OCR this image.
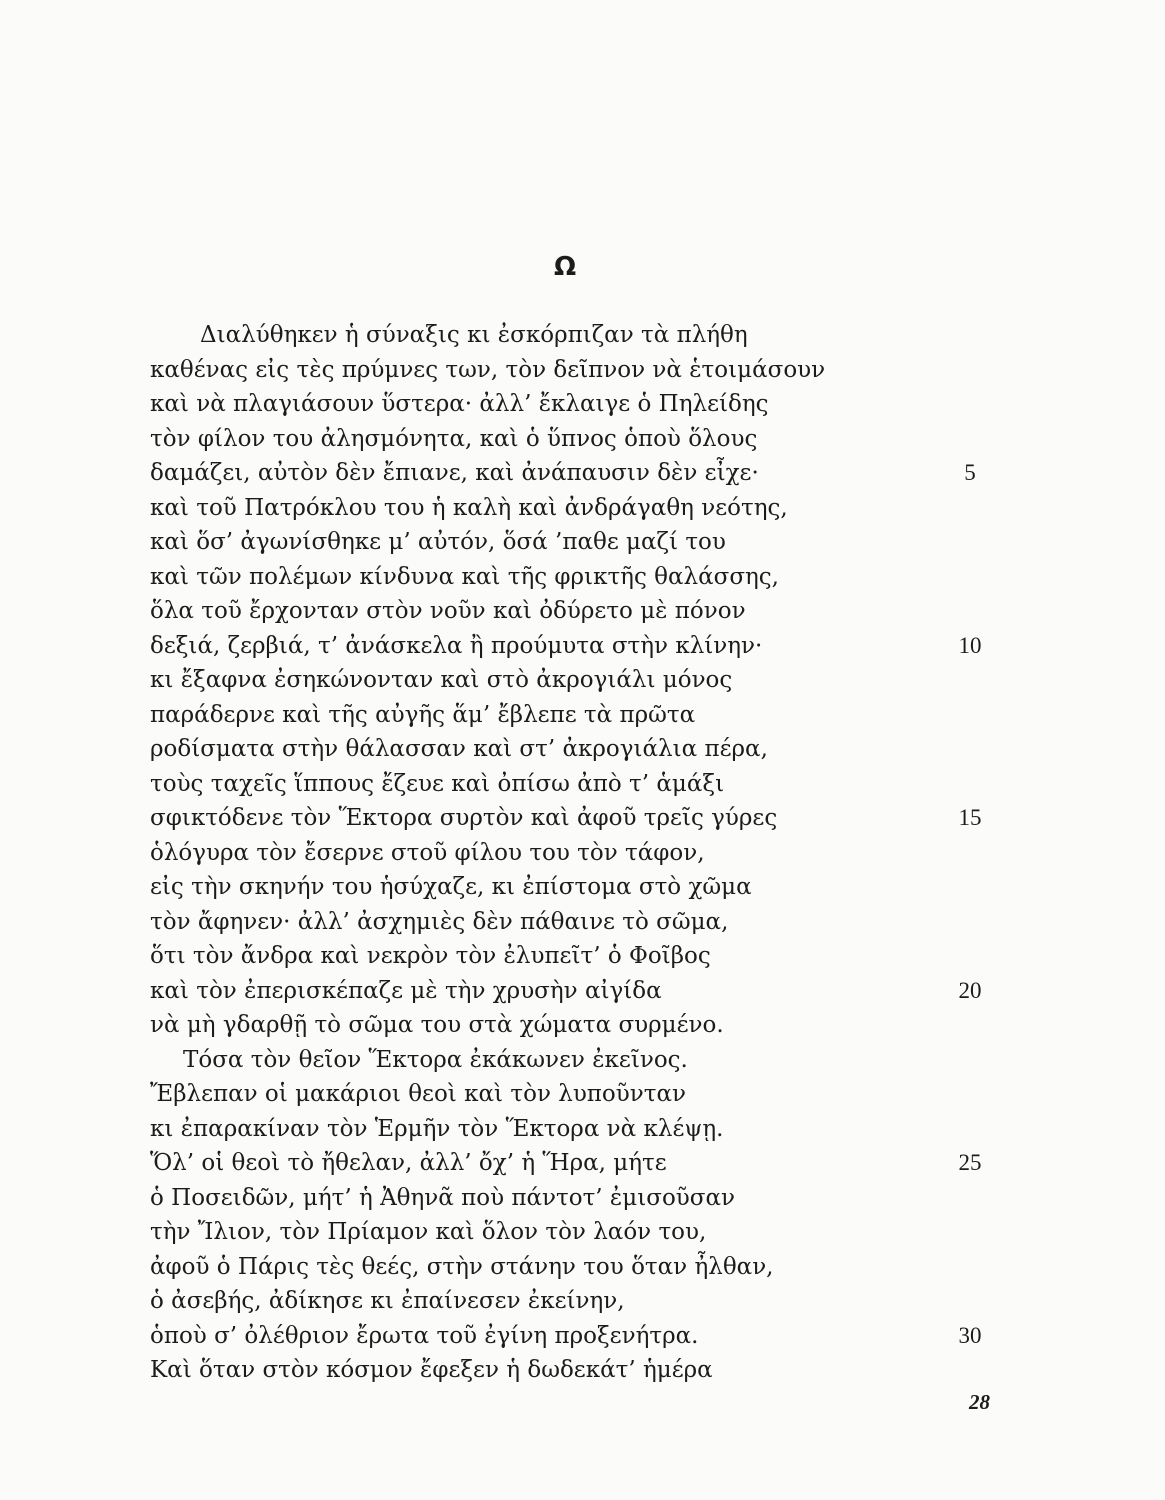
Ω
Διαλύθηκεν ἡ σύναξις κι ἐσκόρπιζαν τὰ πλήθη
καθένας εἰς τὲς πρύμνες των, τὸν δεῖπνον νὰ ἑτοιμάσουν
καὶ νὰ πλαγιάσουν ὕστερα· ἀλλ’ ἔκλαιγε ὁ Πηλείδης
τὸν φίλον του ἀλησμόνητα, καὶ ὁ ὕπνος ὁποὺ ὅλους
δαμάζει, αὐτὸν δὲν ἔπιανε, καὶ ἀνάπαυσιν δὲν εἶχε·	5
καὶ τοῦ Πατρόκλου του ἡ καλὴ καὶ ἀνδράγαθη νεότης,
καὶ ὅσ’ ἀγωνίσθηκε μ’ αὐτόν, ὅσά ’παθε μαζί του
καὶ τῶν πολέμων κίνδυνα καὶ τῆς φρικτῆς θαλάσσης,
ὅλα τοῦ ἔρχονταν στὸν νοῦν καὶ ὀδύρετο μὲ πόνον
δεξιά, ζερβιά, τ’ ἀνάσκελα ἢ προύμυτα στὴν κλίνην·	10
κι ἔξαφνα ἐσηκώνονταν καὶ στὸ ἀκρογιάλι μόνος
παράδερνε καὶ τῆς αὐγῆς ἅμ’ ἔβλεπε τὰ πρῶτα
ροδίσματα στὴν θάλασσαν καὶ στ’ ἀκρογιάλια πέρα,
τοὺς ταχεῖς ἵππους ἔζευε καὶ ὀπίσω ἀπὸ τ’ ἁμάξι
σφικτόδενε τὸν Ἕκτορα συρτὸν καὶ ἀφοῦ τρεῖς γύρες	15
ὁλόγυρα τὸν ἔσερνε στοῦ φίλου του τὸν τάφον,
εἰς τὴν σκηνήν του ἡσύχαζε, κι ἐπίστομα στὸ χῶμα
τὸν ἄφηνεν· ἀλλ’ ἀσχημιὲς δὲν πάθαινε τὸ σῶμα,
ὅτι τὸν ἄνδρα καὶ νεκρὸν τὸν ἐλυπεῖτ’ ὁ Φοῖβος
καὶ τὸν ἐπερισκέπαζε μὲ τὴν χρυσὴν αἰγίδα	20
νὰ μὴ γδαρθῇ τὸ σῶμα του στὰ χώματα συρμένο.
Τόσα τὸν θεῖον Ἕκτορα ἐκάκωνεν ἐκεῖνος.
Ἔβλεπαν οἱ μακάριοι θεοὶ καὶ τὸν λυποῦνταν
κι ἐπαρακίναν τὸν Ἑρμῆν τὸν Ἕκτορα νὰ κλέψῃ.
Ὅλ’ οἱ θεοὶ τὸ ἤθελαν, ἀλλ’ ὄχ’ ἡ Ἥρα, μήτε	25
ὁ Ποσειδῶν, μήτ’ ἡ Ἀθηνᾶ ποὺ πάντοτ’ ἐμισοῦσαν
τὴν Ἴλιον, τὸν Πρίαμον καὶ ὅλον τὸν λαόν του,
ἀφοῦ ὁ Πάρις τὲς θεές, στὴν στάνην του ὅταν ἦλθαν,
ὁ ἀσεβής, ἀδίκησε κι ἐπαίνεσεν ἐκείνην,
ὁποὺ σ’ ὀλέθριον ἔρωτα τοῦ ἐγίνη προξενήτρα.	30
Καὶ ὅταν στὸν κόσμον ἔφεξεν ἡ δωδεκάτ’ ἡμέρα
28
